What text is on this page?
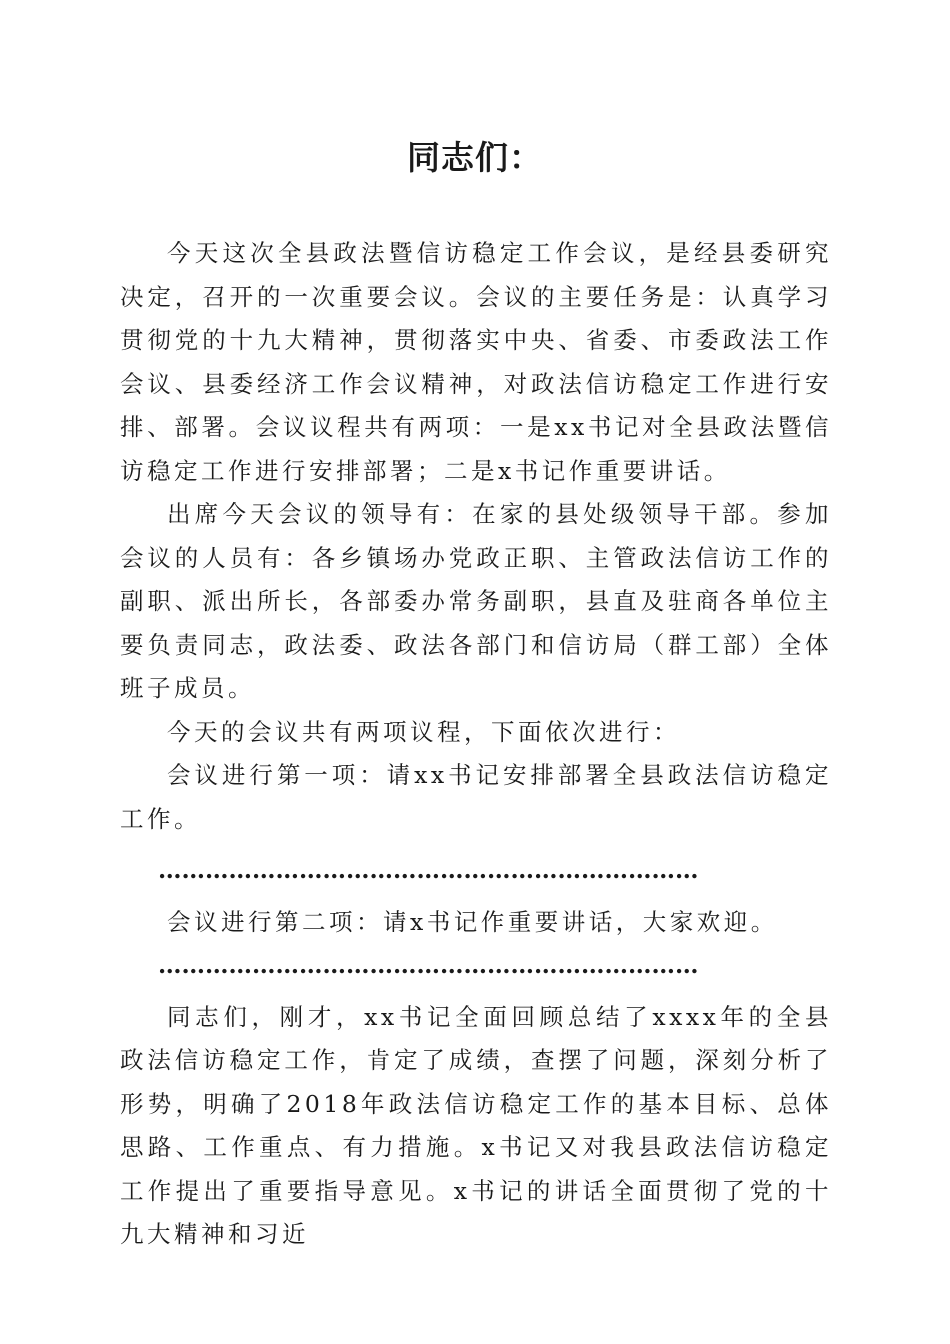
同志们：

今天这次全县政法暨信访稳定工作会议，是经县委研究决定，召开的一次重要会议。会议的主要任务是：认真学习贯彻党的十九大精神，贯彻落实中央、省委、市委政法工作会议、县委经济工作会议精神，对政法信访稳定工作进行安排、部署。会议议程共有两项：一是xx书记对全县政法暨信访稳定工作进行安排部署；二是x书记作重要讲话。

出席今天会议的领导有：在家的县处级领导干部。参加会议的人员有：各乡镇场办党政正职、主管政法信访工作的副职、派出所长，各部委办常务副职，县直及驻商各单位主要负责同志，政法委、政法各部门和信访局（群工部）全体班子成员。

今天的会议共有两项议程，下面依次进行：

会议进行第一项：请xx书记安排部署全县政法信访稳定工作。

……………………………………………………………

会议进行第二项：请x书记作重要讲话，大家欢迎。

……………………………………………………………

同志们，刚才，xx书记全面回顾总结了xxxx年的全县政法信访稳定工作，肯定了成绩，查摆了问题，深刻分析了形势，明确了2018年政法信访稳定工作的基本目标、总体思路、工作重点、有力措施。x书记又对我县政法信访稳定工作提出了重要指导意见。x书记的讲话全面贯彻了党的十九大精神和习近
